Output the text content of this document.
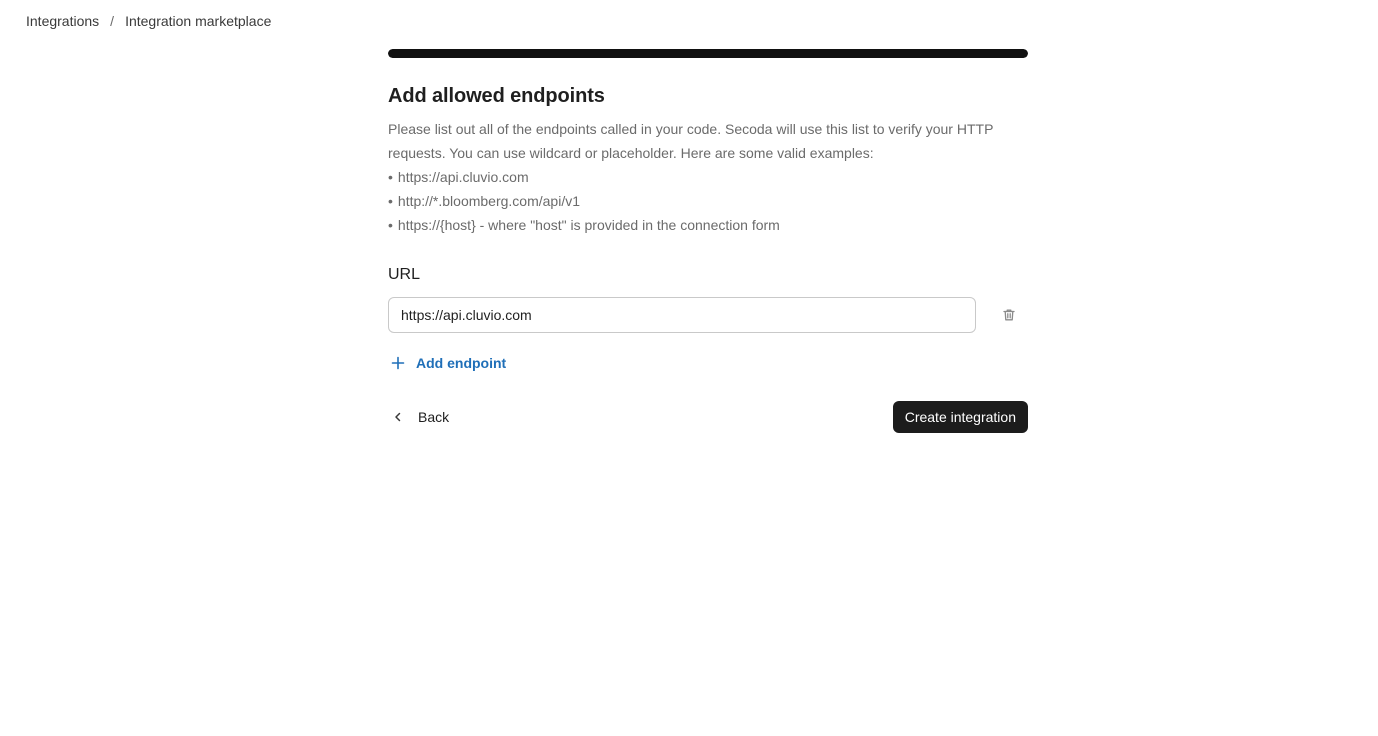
Integrations / Integration marketplace
Add allowed endpoints

Please list out all of the endpoints called in your code. Secoda will use this list to verify your HTTP requests. You can use wildcard or placeholder. Here are some valid examples:

• https://api.cluvio.com
• http://*.bloomberg.com/api/v1
• https://{host} - where "host" is provided in the connection form
URL
https://api.cluvio.com
Add endpoint
Back	Create integration
